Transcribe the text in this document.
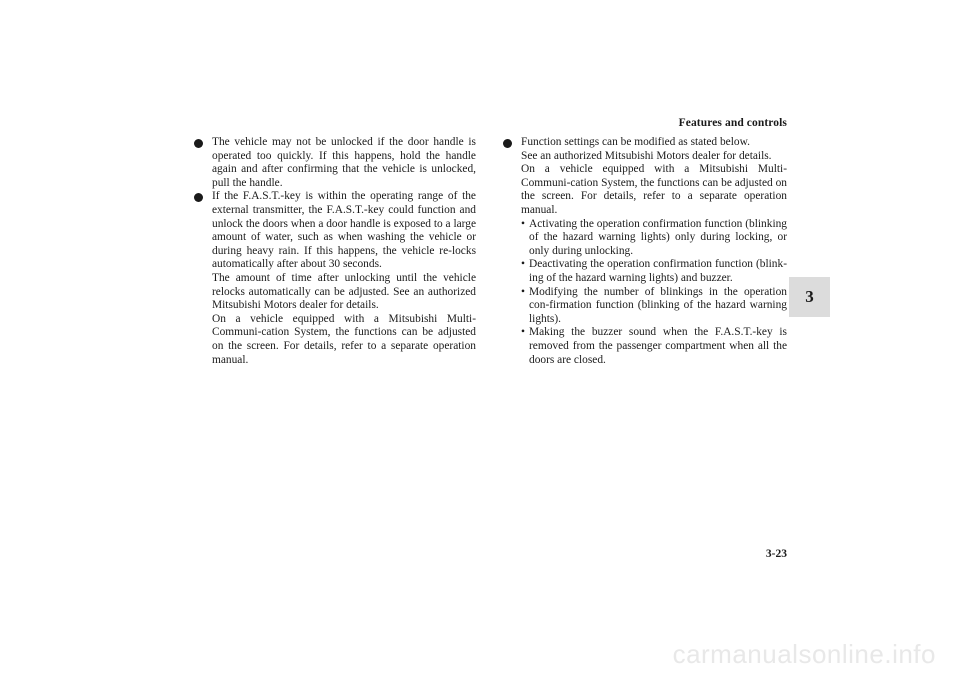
Features and controls
3
The vehicle may not be unlocked if the door handle is operated too quickly. If this happens, hold the handle again and after confirming that the vehicle is unlocked, pull the handle.
If the F.A.S.T.-key is within the operating range of the external transmitter, the F.A.S.T.-key could function and unlock the doors when a door handle is exposed to a large amount of water, such as when washing the vehicle or during heavy rain. If this happens, the vehicle re-locks automatically after about 30 seconds.
The amount of time after unlocking until the vehicle relocks automatically can be adjusted. See an authorized Mitsubishi Motors dealer for details.
On a vehicle equipped with a Mitsubishi Multi-Communi-cation System, the functions can be adjusted on the screen. For details, refer to a separate operation manual.
Function settings can be modified as stated below.
See an authorized Mitsubishi Motors dealer for details.
On a vehicle equipped with a Mitsubishi Multi-Communi-cation System, the functions can be adjusted on the screen. For details, refer to a separate operation manual.
• Activating the operation confirmation function (blinking of the hazard warning lights) only during locking, or only during unlocking.
• Deactivating the operation confirmation function (blink-ing of the hazard warning lights) and buzzer.
• Modifying the number of blinkings in the operation con-firmation function (blinking of the hazard warning lights).
• Making the buzzer sound when the F.A.S.T.-key is removed from the passenger compartment when all the doors are closed.
3-23
carmanualsonline.info
